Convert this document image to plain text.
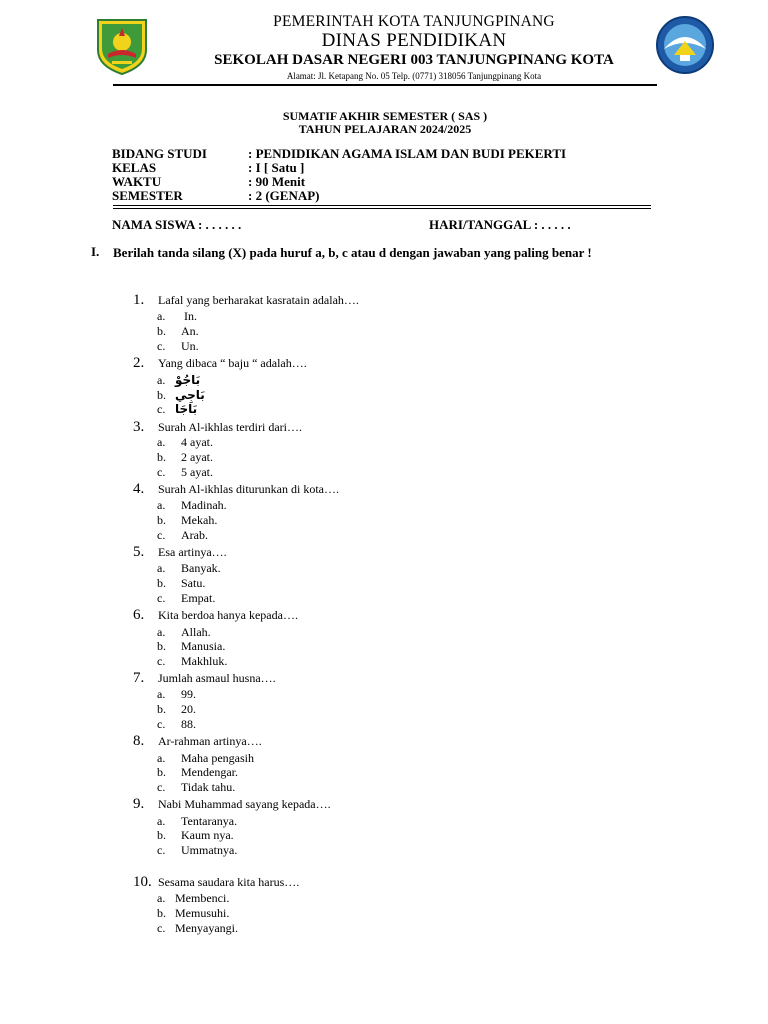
PEMERINTAH KOTA TANJUNGPINANG
DINAS PENDIDIKAN
SEKOLAH DASAR NEGERI 003 TANJUNGPINANG KOTA
Alamat: Jl. Ketapang No. 05 Telp. (0771) 318056 Tanjungpinang Kota
SUMATIF AKHIR SEMESTER ( SAS )
TAHUN PELAJARAN 2024/2025
BIDANG STUDI	: PENDIDIKAN AGAMA ISLAM DAN BUDI PEKERTI
KELAS	: I [ Satu ]
WAKTU	: 90 Menit
SEMESTER	: 2 (GENAP)
NAMA SISWA : . . . . . .	HARI/TANGGAL : . . . . .
I. Berilah tanda silang (X) pada huruf a, b, c atau d dengan jawaban yang paling benar !
1. Lafal yang berharakat kasratain adalah….
a. In.
b. An.
c. Un.
2. Yang dibaca “ baju “ adalah….
a. بَاجُوْ
b. بَاجِي
c. بَاجَا
3. Surah Al-ikhlas terdiri dari….
a. 4 ayat.
b. 2 ayat.
c. 5 ayat.
4. Surah Al-ikhlas diturunkan di kota….
a. Madinah.
b. Mekah.
c. Arab.
5. Esa artinya….
a. Banyak.
b. Satu.
c. Empat.
6. Kita berdoa hanya kepada….
a. Allah.
b. Manusia.
c. Makhluk.
7. Jumlah asmaul husna….
a. 99.
b. 20.
c. 88.
8. Ar-rahman artinya….
a. Maha pengasih
b. Mendengar.
c. Tidak tahu.
9. Nabi Muhammad sayang kepada….
a. Tentaranya.
b. Kaum nya.
c. Ummatnya.
10. Sesama saudara kita harus….
a. Membenci.
b. Memusuhi.
c. Menyayangi.
